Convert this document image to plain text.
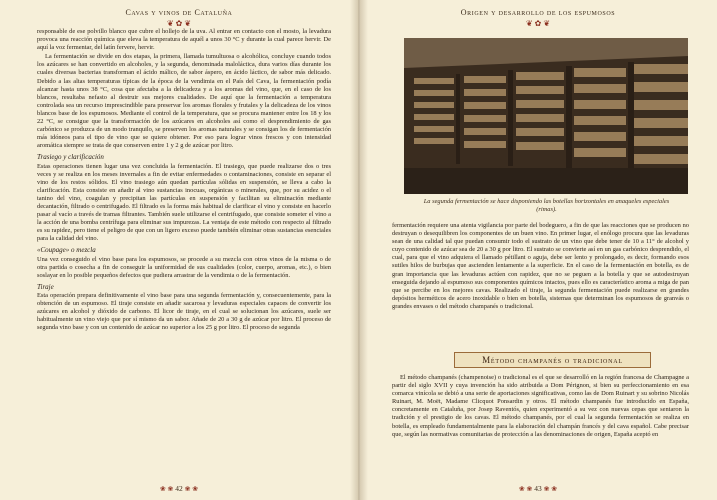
Cavas y vinos de Cataluña
❦ ✿ ❦

responsable de ese polvillo blanco que cubre el hollejo de la uva. Al entrar en contacto con el mosto, la levadura provoca una reacción química que eleva la temperatura de aquél a unos 30 °C y durante la cual parece hervir. De aquí la voz fermentar, del latín fervere, hervir.

La fermentación se divide en dos etapas, la primera, llamada tumultuosa o alcohólica, concluye cuando todos los azúcares se han convertido en alcoholes, y la segunda, denominada maloláctica, dura varios días durante los cuales diversas bacterias transforman el ácido málico, de sabor áspero, en ácido láctico, de sabor más delicado. Debido a las altas temperaturas típicas de la época de la vendimia en el País del Cava, la fermentación podía alcanzar hasta unos 38 °C, cosa que afectaba a la delicadeza y a los aromas del vino, que, en el caso de los blancos, resultaba nefasto al destruir sus mejores cualidades. De aquí que la fermentación a temperatura controlada sea un recurso imprescindible para preservar los aromas florales y frutales y la delicadeza de los vinos blancos base de los espumosos. Mediante el control de la temperatura, que se procura mantener entre los 18 y los 22 °C, se consigue que la transformación de los azúcares en alcoholes así como el desprendimiento de gas carbónico se produzca de un modo tranquilo, se preserven los aromas naturales y se consigan los de fermentación más idóneos para el tipo de vino que se quiere obtener. Por eso para lograr vinos frescos y con intensidad aromática siempre se trata de que conserven entre 1 y 2 g de azúcar por litro.

Trasiego y clarificación

Estas operaciones tienen lugar una vez concluida la fermentación. El trasiego, que puede realizarse dos o tres veces y se realiza en los meses invernales a fin de evitar enfermedades o contaminaciones, consiste en separar el vino de los restos sólidos. El vino trasiego aún quedan partículas sólidas en suspensión, se lleva a cabo la clarificación. Esta consiste en añadir al vino sustancias inocuas, orgánicas o minerales, que, por su acidez o el tanino del vino, coagulan y precipitan las partículas en suspensión y facilitan su eliminación mediante decantación, filtrado o centrifugado. El filtrado es la forma más habitual de clarificar el vino y consiste en hacerlo pasar al vacío a través de tramas filtrantes. También suele utilizarse el centrifugado, que consiste someter el vino a la acción de una bomba centrífuga para eliminar sus impurezas. La ventaja de este método con respecto al filtrado es su rapidez, pero tiene el peligro de que con un ligero exceso puede también eliminar otras sustancias esenciales para la calidad del vino.

«Coupage» o mezcla

Una vez conseguido el vino base para los espumosos, se procede a su mezcla con otros vinos de la misma o de otra partida o cosecha a fin de conseguir la uniformidad de sus cualidades (color, cuerpo, aromas, etc.), o bien soslayar en lo posible pequeños defectos que pudiera arrastrar de la vendimia o de la fermentación.

Tiraje

Esta operación prepara definitivamente el vino base para una segunda fermentación y, consecuentemente, para la obtención de un espumoso. El tiraje consiste en añadir sacarosa y levaduras especiales capaces de convertir los azúcares en alcohol y dióxido de carbono. El licor de tiraje, en el cual se solucionan los azúcares, suele ser habitualmente un vino viejo que por sí mismo da un sabor. Añade de 20 a 30 g de azúcar por litro. El proceso de segunda vino base y con un contenido de azúcar no superior a los 25 g por litro. El proceso de segunda

❀ ❀ 42 ❀ ❀
Origen y desarrollo de los espumosos
❦ ✿ ❦
La segunda fermentación se hace disponiendo las botellas horizontales en anaqueles especiales (rimas).

fermentación requiere una atenta vigilancia por parte del bodeguero, a fin de que las reacciones que se producen no destruyan o desequilibren los componentes de un buen vino. En primer lugar, el enólogo procura que las levaduras sean de una calidad tal que puedan consumir todo el sustrato de un vino que debe tener de 10 a 11° de alcohol y cuyo contenido de azúcar sea de 20 a 30 g por litro. El sustrato se convierte así en un gas carbónico desprendido, el cual, para que el vino adquiera el llamado pétillant o aguja, debe ser lento y prolongado, es decir, formando esos sutiles hilos de burbujas que ascienden lentamente a la superficie. En el caso de la fermentación en botella, es de gran importancia que las levaduras actúen con rapidez, que no se peguen a la botella y que se autodestruyan enseguida dejando al espumoso sus componentes químicos intactos, pues ello es característico aroma a miga de pan que se percibe en los mejores cavas. Realizado el tiraje, la segunda fermentación puede realizarse en grandes depósitos herméticos de acero inoxidable o bien en botella, sistemas que determinan los espumosos de granvás o grandes envases o del método champanés o tradicional.

Método champanés o tradicional

El método champanés (champenoise) o tradicional es el que se desarrolló en la región francesa de Champagne a partir del siglo XVII y cuya invención ha sido atribuida a Dom Pérignon, si bien su perfeccionamiento en esa comarca vinícola se debió a una serie de aportaciones significativas, como las de Dom Ruinart y su sobrino Nicolás Ruinart, M. Moët, Madame Clicquot Ponsardin y otros. El método champanés fue introducido en España, concretamente en Cataluña, por Josep Raventós, quien experimentó a su vez con nuevas cepas que sentaron la tradición y el prestigio de los cavas. El método champanés, por el cual la segunda fermentación se realiza en botella, es empleado fundamentalmente para la elaboración del champán francés y del cava español. Cabe precisar que, según las normativas comunitarias de protección a las denominaciones de origen, España aceptó en

❀ ❀ 43 ❀ ❀
